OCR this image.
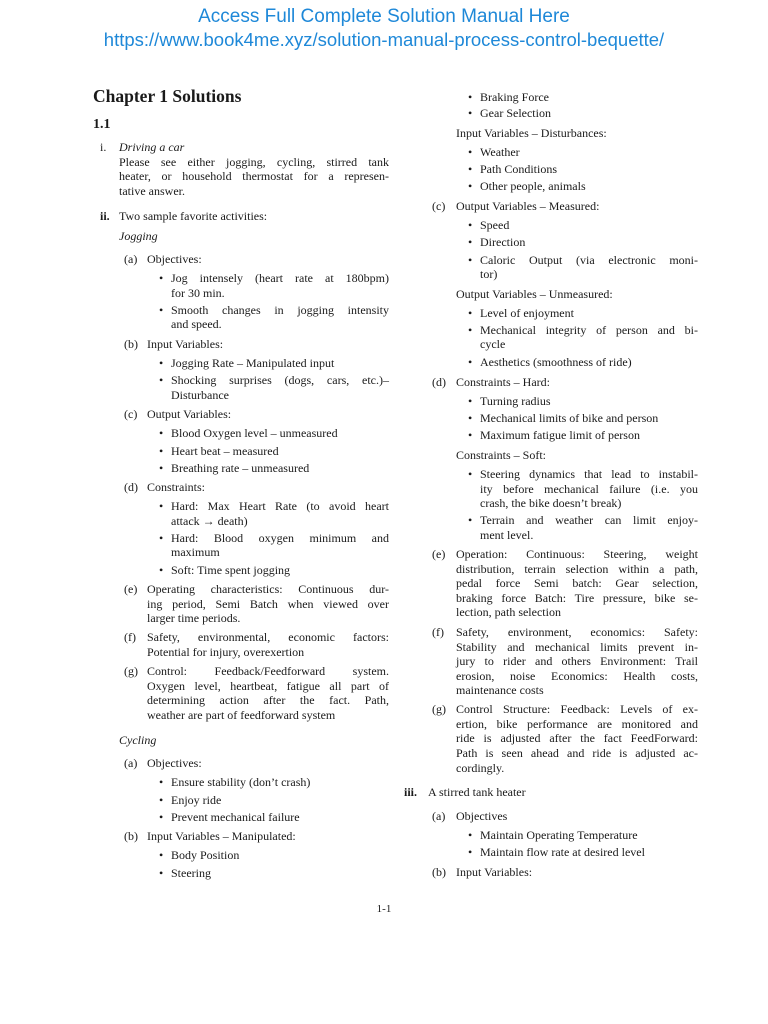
Access Full Complete Solution Manual Here
https://www.book4me.xyz/solution-manual-process-control-bequette/
Chapter 1 Solutions
1.1
i. Driving a car
Please see either jogging, cycling, stirred tank
heater, or household thermostat for a represen-
tative answer.
ii. Two sample favorite activities:
Jogging
(a) Objectives:
• Jog intensely (heart rate at 180bpm)
for 30 min.
• Smooth changes in jogging intensity
and speed.
(b) Input Variables:
• Jogging Rate – Manipulated input
• Shocking surprises (dogs, cars, etc.)–
Disturbance
(c) Output Variables:
• Blood Oxygen level – unmeasured
• Heart beat – measured
• Breathing rate – unmeasured
(d) Constraints:
• Hard: Max Heart Rate (to avoid heart
attack → death)
• Hard: Blood oxygen minimum and
maximum
• Soft: Time spent jogging
(e) Operating characteristics: Continuous dur-
ing period, Semi Batch when viewed over
larger time periods.
(f) Safety, environmental, economic factors:
Potential for injury, overexertion
(g) Control: Feedback/Feedforward system.
Oxygen level, heartbeat, fatigue all part of
determining action after the fact. Path,
weather are part of feedforward system
Cycling
(a) Objectives:
• Ensure stability (don’t crash)
• Enjoy ride
• Prevent mechanical failure
(b) Input Variables – Manipulated:
• Body Position
• Steering
• Braking Force
• Gear Selection
Input Variables – Disturbances:
• Weather
• Path Conditions
• Other people, animals
(c) Output Variables – Measured:
• Speed
• Direction
• Caloric Output (via electronic moni-
tor)
Output Variables – Unmeasured:
• Level of enjoyment
• Mechanical integrity of person and bi-
cycle
• Aesthetics (smoothness of ride)
(d) Constraints – Hard:
• Turning radius
• Mechanical limits of bike and person
• Maximum fatigue limit of person
Constraints – Soft:
• Steering dynamics that lead to instabil-
ity before mechanical failure (i.e. you
crash, the bike doesn’t break)
• Terrain and weather can limit enjoy-
ment level.
(e) Operation: Continuous: Steering, weight
distribution, terrain selection within a path,
pedal force Semi batch: Gear selection,
braking force Batch: Tire pressure, bike se-
lection, path selection
(f) Safety, environment, economics: Safety:
Stability and mechanical limits prevent in-
jury to rider and others Environment: Trail
erosion, noise Economics: Health costs,
maintenance costs
(g) Control Structure: Feedback: Levels of ex-
ertion, bike performance are monitored and
ride is adjusted after the fact FeedForward:
Path is seen ahead and ride is adjusted ac-
cordingly.
iii. A stirred tank heater
(a) Objectives
• Maintain Operating Temperature
• Maintain flow rate at desired level
(b) Input Variables:
1-1
